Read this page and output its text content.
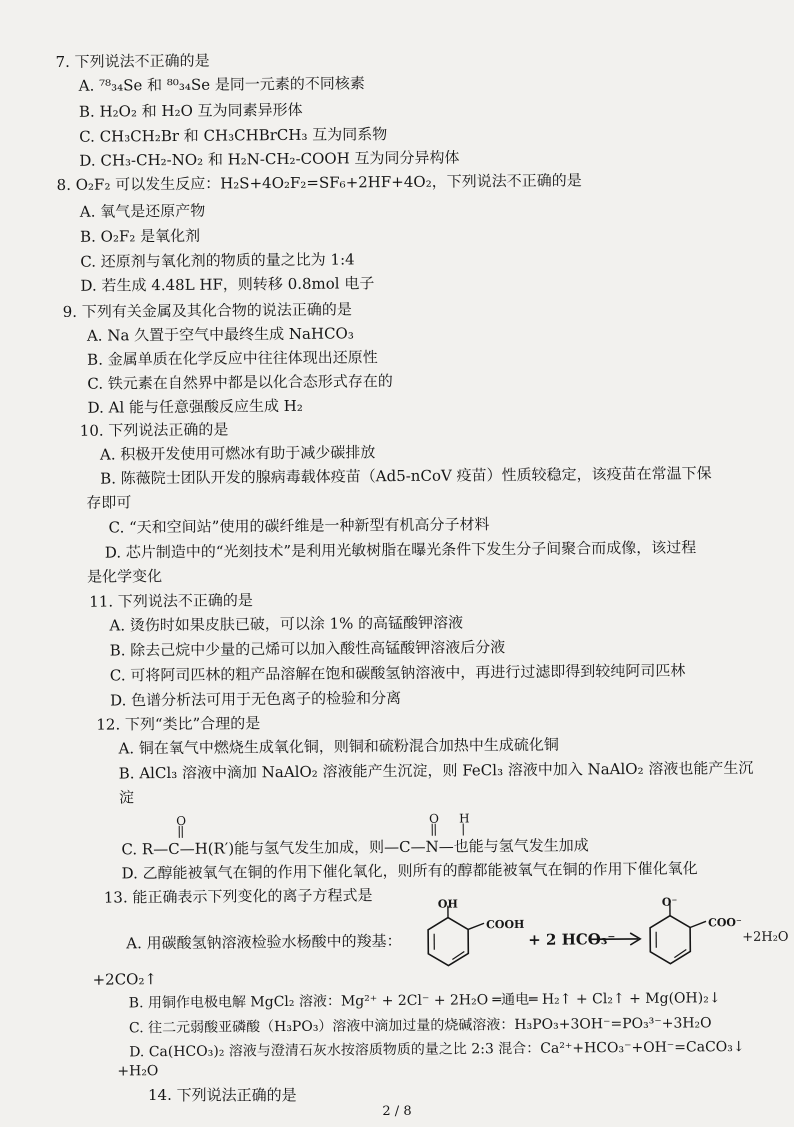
7. 下列说法不正确的是
A. ⁷⁸₃₄Se 和 ⁸⁰₃₄Se 是同一元素的不同核素
B. H₂O₂ 和 H₂O 互为同素异形体
C. CH₃CH₂Br 和 CH₃CHBrCH₃ 互为同系物
D. CH₃-CH₂-NO₂ 和 H₂N-CH₂-COOH 互为同分异构体
8. O₂F₂ 可以发生反应：H₂S+4O₂F₂=SF₆+2HF+4O₂，下列说法不正确的是
A. 氧气是还原产物
B. O₂F₂ 是氧化剂
C. 还原剂与氧化剂的物质的量之比为 1:4
D. 若生成 4.48L HF，则转移 0.8mol 电子
9. 下列有关金属及其化合物的说法正确的是
A. Na 久置于空气中最终生成 NaHCO₃
B. 金属单质在化学反应中往往体现出还原性
C. 铁元素在自然界中都是以化合态形式存在的
D. Al 能与任意强酸反应生成 H₂
10. 下列说法正确的是
A. 积极开发使用可燃冰有助于减少碳排放
B. 陈薇院士团队开发的腺病毒载体疫苗（Ad5-nCoV 疫苗）性质较稳定，该疫苗在常温下保
存即可
C. “天和空间站”使用的碳纤维是一种新型有机高分子材料
D. 芯片制造中的“光刻技术”是利用光敏树脂在曝光条件下发生分子间聚合而成像，该过程
是化学变化
11. 下列说法不正确的是
A. 烫伤时如果皮肤已破，可以涂 1% 的高锰酸钾溶液
B. 除去己烷中少量的己烯可以加入酸性高锰酸钾溶液后分液
C. 可将阿司匹林的粗产品溶解在饱和碳酸氢钠溶液中，再进行过滤即得到较纯阿司匹林
D. 色谱分析法可用于无色离子的检验和分离
12. 下列“类比”合理的是
A. 铜在氧气中燃烧生成氧化铜，则铜和硫粉混合加热中生成硫化铜
B. AlCl₃ 溶液中滴加 NaAlO₂ 溶液能产生沉淀，则 FeCl₃ 溶液中加入 NaAlO₂ 溶液也能产生沉
淀
O	O H
C. R—C—H(R′)能与氢气发生加成，则—C—N—也能与氢气发生加成
D. 乙醇能被氧气在铜的作用下催化氧化，则所有的醇都能被氧气在铜的作用下催化氧化
13. 能正确表示下列变化的离子方程式是
A. 用碳酸氢钠溶液检验水杨酸中的羧基：
OH
COOH
+ 2 HCO₃⁻
O⁻
COO⁻
+2H₂O
+2CO₂↑
B. 用铜作电极电解 MgCl₂ 溶液：Mg²⁺ + 2Cl⁻ + 2H₂O ═通电═ H₂↑ + Cl₂↑ + Mg(OH)₂↓
C. 往二元弱酸亚磷酸（H₃PO₃）溶液中滴加过量的烧碱溶液：H₃PO₃+3OH⁻=PO₃³⁻+3H₂O
D. Ca(HCO₃)₂ 溶液与澄清石灰水按溶质物质的量之比 2:3 混合：Ca²⁺+HCO₃⁻+OH⁻=CaCO₃↓
+H₂O
14. 下列说法正确的是
2 / 8
